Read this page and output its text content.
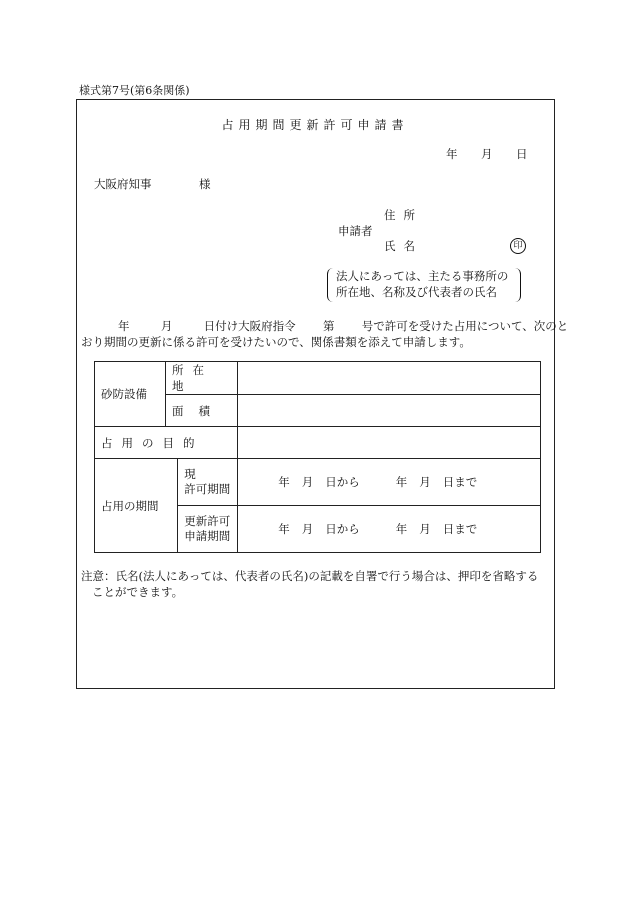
様式第7号(第6条関係)
占用期間更新許可申請書
年 月 日
大阪府知事	様
住所
申請者
氏名	印
法人にあっては、主たる事務所の
所在地、名称及び代表者の氏名
年	月	日付け大阪府指令 第 号で許可を受けた占用について、次のと
おり期間の更新に係る許可を受けたいので、関係書類を添えて申請します。
砂防設備	所在地		
	面積		
占用の目的			
占用の期間		現
許可期間	年 月 日から 年 月 日まで

		更新許可
申請期間	年 月 日から 年 月 日まで
注意：氏名(法人にあっては、代表者の氏名)の記載を自署で行う場合は、押印を省略する
ことができます。
